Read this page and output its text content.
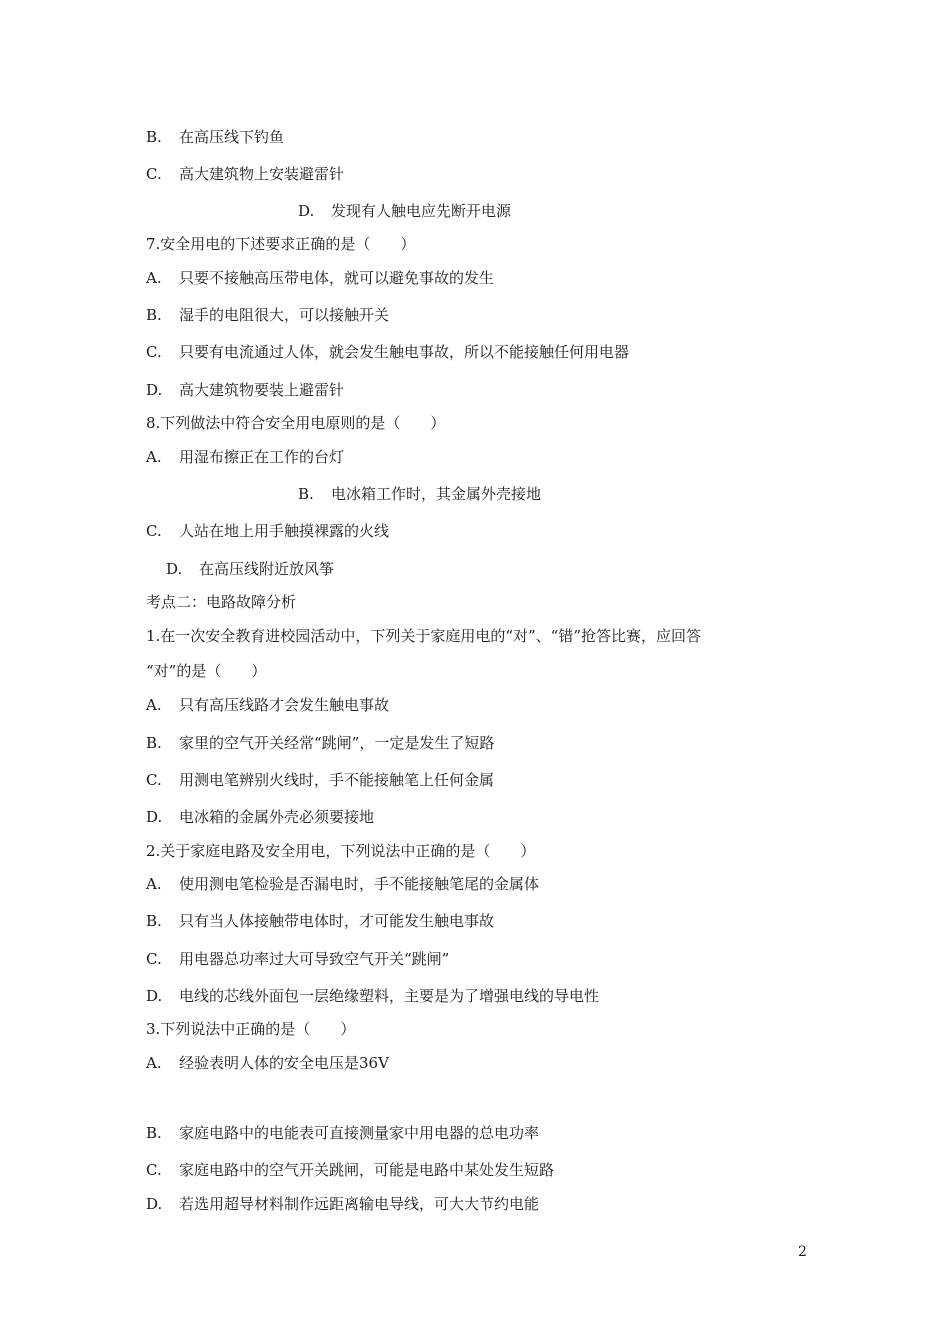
B.	在高压线下钓鱼
C.	高大建筑物上安装避雷针
D.	发现有人触电应先断开电源
7.安全用电的下述要求正确的是（　　）
A.	只要不接触高压带电体，就可以避免事故的发生
B.	湿手的电阻很大，可以接触开关
C.	只要有电流通过人体，就会发生触电事故，所以不能接触任何用电器
D.	高大建筑物要装上避雷针
8.下列做法中符合安全用电原则的是（　　）
A.	用湿布擦正在工作的台灯
B.	电冰箱工作时，其金属外壳接地
C.	人站在地上用手触摸裸露的火线
D.	在高压线附近放风筝
考点二：电路故障分析
1.在一次安全教育进校园活动中，下列关于家庭用电的“对”、“错”抢答比赛，应回答
“对”的是（　　）
A.	只有高压线路才会发生触电事故
B.	家里的空气开关经常“跳闸”，一定是发生了短路
C.	用测电笔辨别火线时，手不能接触笔上任何金属
D.	电冰箱的金属外壳必须要接地
2.关于家庭电路及安全用电，下列说法中正确的是（　　）
A.	使用测电笔检验是否漏电时，手不能接触笔尾的金属体
B.	只有当人体接触带电体时，才可能发生触电事故
C.	用电器总功率过大可导致空气开关“跳闸”
D.	电线的芯线外面包一层绝缘塑料，主要是为了增强电线的导电性
3.下列说法中正确的是（　　）
A.	经验表明人体的安全电压是36V
B.	家庭电路中的电能表可直接测量家中用电器的总电功率
C.	家庭电路中的空气开关跳闸，可能是电路中某处发生短路
D.	若选用超导材料制作远距离输电导线，可大大节约电能
2
